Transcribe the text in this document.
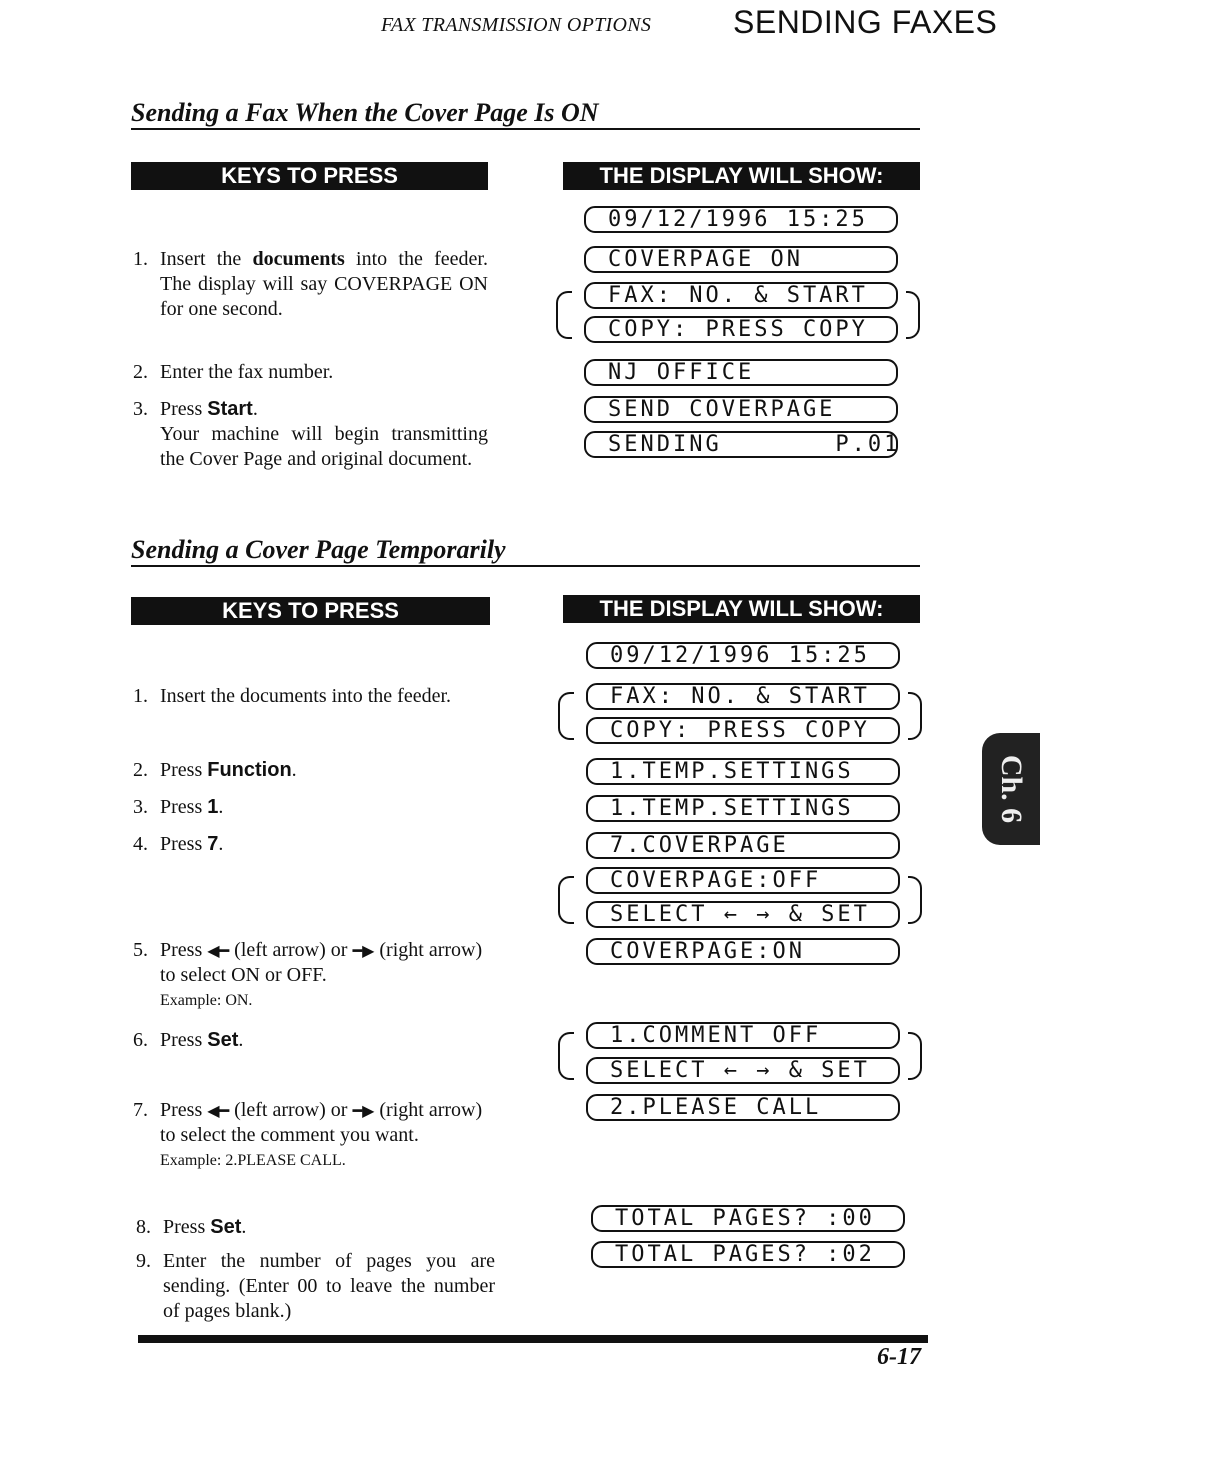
FAX TRANSMISSION OPTIONS	SENDING FAXES
Sending a Fax When the Cover Page Is ON
KEYS TO PRESS	THE DISPLAY WILL SHOW:
1. Insert the documents into the feeder. The display will say COVERPAGE ON for one second.
2. Enter the fax number.
3. Press Start.
Your machine will begin transmitting the Cover Page and original document.
09/12/1996 15:25
COVERPAGE ON
FAX: NO. & START
COPY: PRESS COPY
NJ OFFICE
SEND COVERPAGE
SENDING       P.01
Sending a Cover Page Temporarily
KEYS TO PRESS	THE DISPLAY WILL SHOW:
1. Insert the documents into the feeder.
2. Press Function.
3. Press 1.
4. Press 7.
5. Press ◀━ (left arrow) or ━▶ (right arrow) to select ON or OFF.
Example: ON.
6. Press Set.
7. Press ◀━ (left arrow) or ━▶ (right arrow) to select the comment you want.
Example: 2.PLEASE CALL.
8. Press Set.
9. Enter the number of pages you are sending. (Enter 00 to leave the number of pages blank.)
09/12/1996 15:25
FAX: NO. & START
COPY: PRESS COPY
1.TEMP.SETTINGS
1.TEMP.SETTINGS
7.COVERPAGE
COVERPAGE:OFF
SELECT ← → & SET
COVERPAGE:ON
1.COMMENT OFF
SELECT ← → & SET
2.PLEASE CALL
TOTAL PAGES? :00
TOTAL PAGES? :02
Ch. 6
6-17
